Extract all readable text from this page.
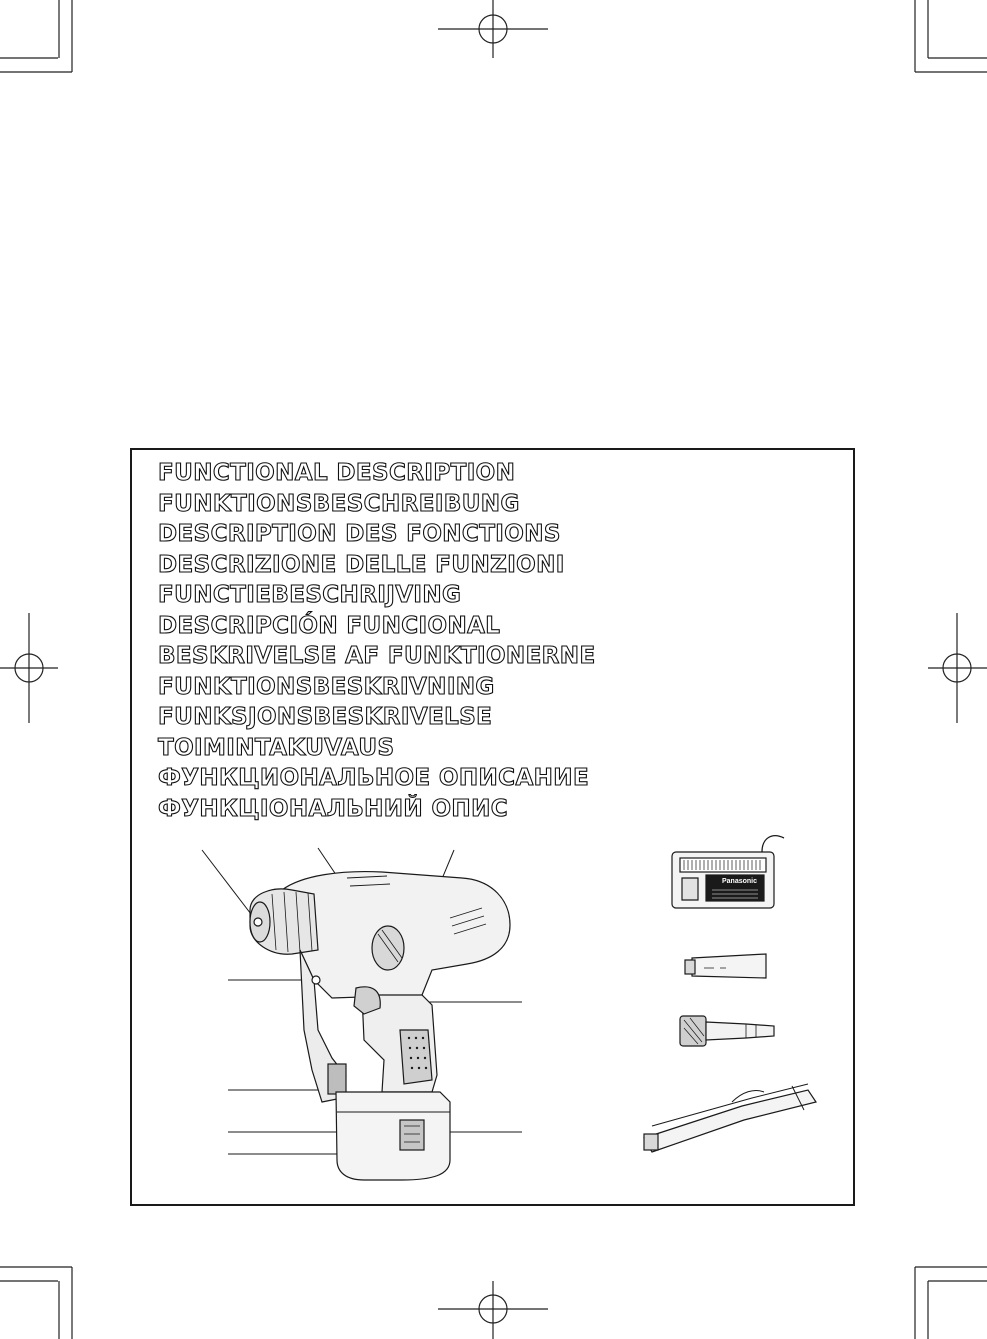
FUNCTIONAL DESCRIPTION
FUNKTIONSBESCHREIBUNG
DESCRIPTION DES FONCTIONS
DESCRIZIONE DELLE FUNZIONI
FUNCTIEBESCHRIJVING
DESCRIPCIÓN FUNCIONAL
BESKRIVELSE AF FUNKTIONERNE
FUNKTIONSBESKRIVNING
FUNKSJONSBESKRIVELSE
TOIMINTAKUVAUS
ФУНКЦИОНАЛЬНОЕ ОПИСАНИЕ
ФУНКЦІОНАЛЬНИЙ ОПИС
Panasonic
